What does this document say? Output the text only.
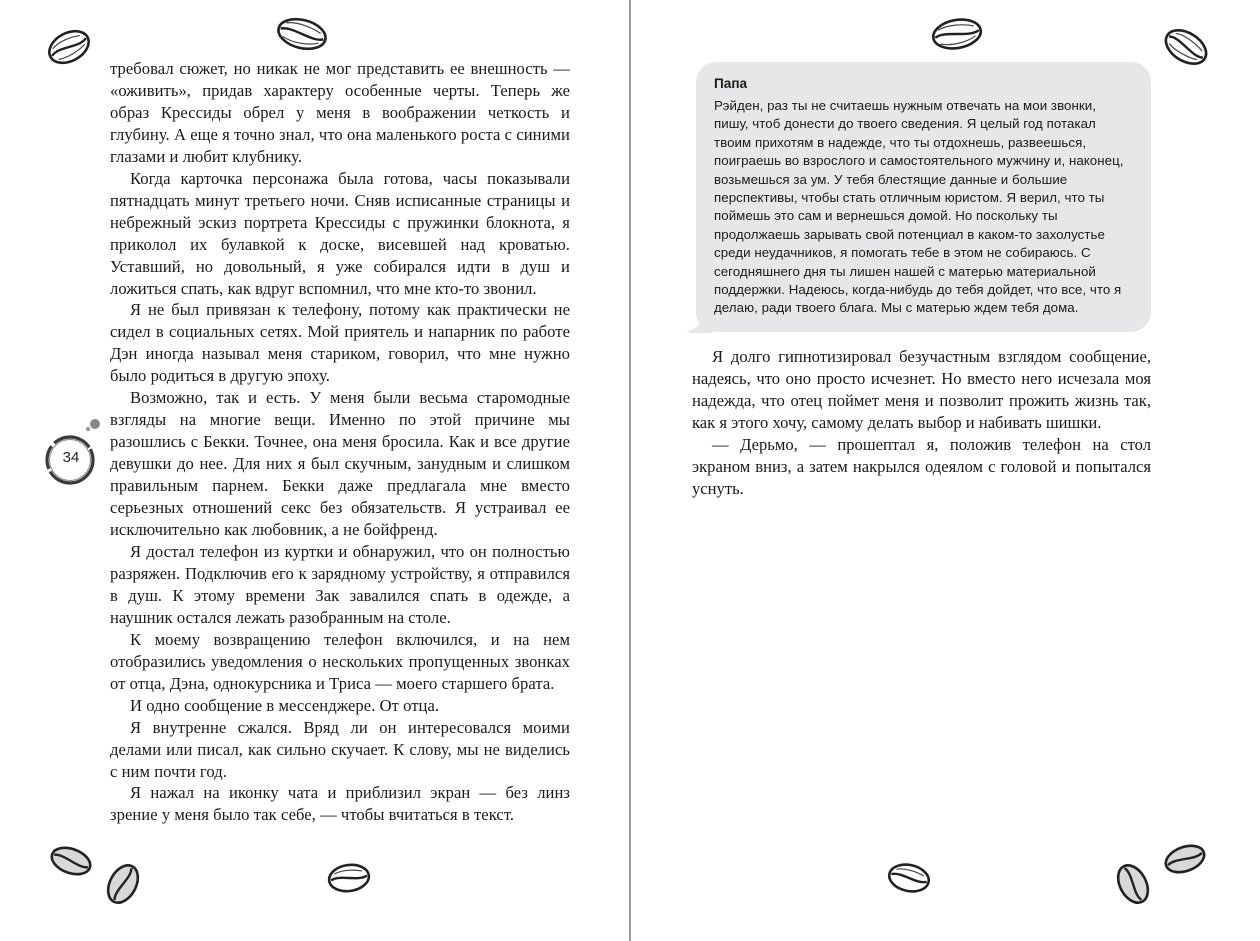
34

требовал сюжет, но никак не мог представить ее внешность — «оживить», придав характеру особенные черты. Теперь же образ Крессиды обрел у меня в воображении четкость и глубину. А еще я точно знал, что она маленького роста с синими глазами и любит клубнику.

Когда карточка персонажа была готова, часы показывали пятнадцать минут третьего ночи. Сняв исписанные страницы и небрежный эскиз портрета Крессиды с пружинки блокнота, я приколол их булавкой к доске, висевшей над кроватью. Уставший, но довольный, я уже собирался идти в душ и ложиться спать, как вдруг вспомнил, что мне кто-то звонил.

Я не был привязан к телефону, потому как практически не сидел в социальных сетях. Мой приятель и напарник по работе Дэн иногда называл меня стариком, говорил, что мне нужно было родиться в другую эпоху.

Возможно, так и есть. У меня были весьма старомодные взгляды на многие вещи. Именно по этой причине мы разошлись с Бекки. Точнее, она меня бросила. Как и все другие девушки до нее. Для них я был скучным, занудным и слишком правильным парнем. Бекки даже предлагала мне вместо серьезных отношений секс без обязательств. Я устраивал ее исключительно как любовник, а не бойфренд.

Я достал телефон из куртки и обнаружил, что он полностью разряжен. Подключив его к зарядному устройству, я отправился в душ. К этому времени Зак завалился спать в одежде, а наушник остался лежать разобранным на столе.

К моему возвращению телефон включился, и на нем отобразились уведомления о нескольких пропущенных звонках от отца, Дэна, однокурсника и Триса — моего старшего брата.

И одно сообщение в мессенджере. От отца.

Я внутренне сжался. Вряд ли он интересовался моими делами или писал, как сильно скучает. К слову, мы не виделись с ним почти год.

Я нажал на иконку чата и приблизил экран — без линз зрение у меня было так себе, — чтобы вчитаться в текст.

Папа
Рэйден, раз ты не считаешь нужным отвечать на мои звонки, пишу, чтоб донести до твоего сведения. Я целый год потакал твоим прихотям в надежде, что ты отдохнешь, развеешься, поиграешь во взрослого и самостоятельного мужчину и, наконец, возьмешься за ум. У тебя блестящие данные и большие перспективы, чтобы стать отличным юристом. Я верил, что ты поймешь это сам и вернешься домой. Но поскольку ты продолжаешь зарывать свой потенциал в каком-то захолустье среди неудачников, я помогать тебе в этом не собираюсь. С сегодняшнего дня ты лишен нашей с матерью материальной поддержки. Надеюсь, когда-нибудь до тебя дойдет, что все, что я делаю, ради твоего блага. Мы с матерью ждем тебя дома.

Я долго гипнотизировал безучастным взглядом сообщение, надеясь, что оно просто исчезнет. Но вместо него исчезала моя надежда, что отец поймет меня и позволит прожить жизнь так, как я этого хочу, самому делать выбор и набивать шишки.

— Дерьмо, — прошептал я, положив телефон на стол экраном вниз, а затем накрылся одеялом с головой и попытался уснуть.
